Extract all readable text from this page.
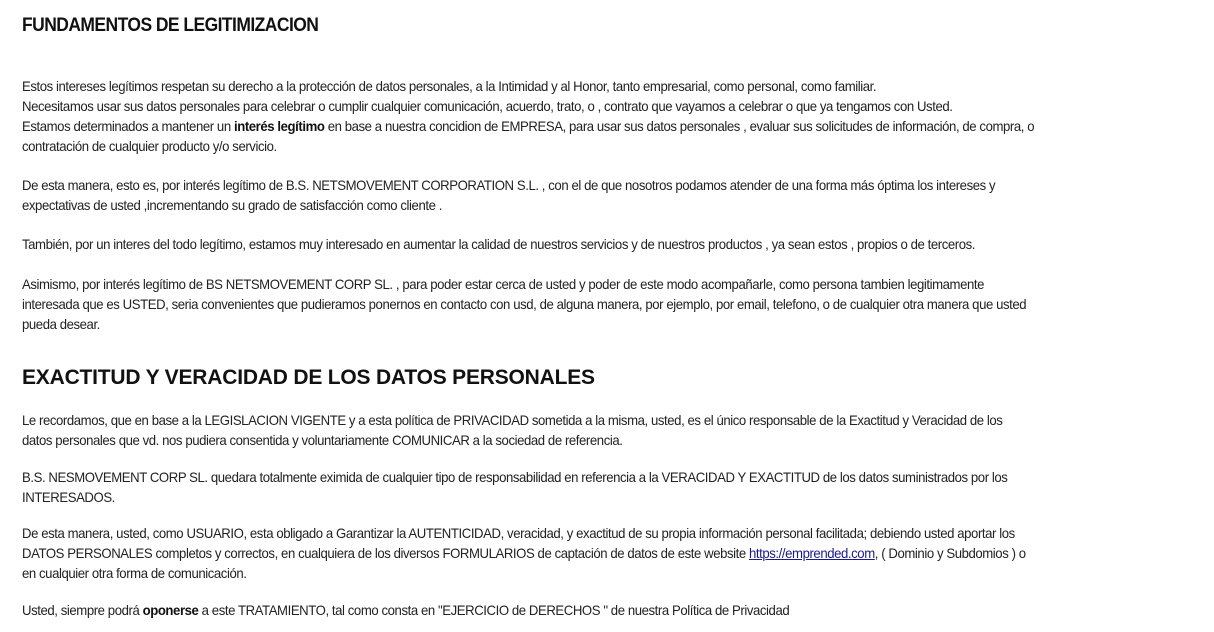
FUNDAMENTOS DE LEGITIMIZACION
Estos intereses legítimos respetan su derecho a la protección de datos personales, a la Intimidad y al Honor, tanto empresarial, como personal, como familiar.
Necesitamos usar sus datos personales para celebrar o cumplir cualquier comunicación, acuerdo, trato, o , contrato que vayamos a celebrar o que ya tengamos con Usted.
Estamos determinados a mantener un interés legítimo en base a nuestra concidion de EMPRESA, para usar sus datos personales , evaluar sus solicitudes de información, de compra, o
contratación de cualquier producto y/o servicio.
De esta manera, esto es, por interés legítimo de B.S. NETSMOVEMENT CORPORATION S.L. , con el de que nosotros podamos atender de una forma más óptima los intereses y
expectativas de usted ,incrementando su grado de satisfacción como cliente .
También, por un interes del todo legítimo, estamos muy interesado en aumentar la calidad de nuestros servicios y de nuestros productos , ya sean estos , propios o de terceros.
Asimismo, por interés legítimo de BS NETSMOVEMENT CORP SL. , para poder estar cerca de usted y poder de este modo acompañarle, como persona tambien legitimamente
interesada que es USTED, seria convenientes que pudieramos ponernos en contacto con usd, de alguna manera, por ejemplo, por email, telefono, o de cualquier otra manera que usted
pueda desear.
EXACTITUD Y VERACIDAD DE LOS DATOS PERSONALES
Le recordamos, que en base a la LEGISLACION VIGENTE y a esta política de PRIVACIDAD sometida a la misma, usted, es el único responsable de la Exactitud y Veracidad de los
datos personales que vd. nos pudiera consentida y voluntariamente COMUNICAR a la sociedad de referencia.
B.S. NESMOVEMENT CORP SL. quedara totalmente eximida de cualquier tipo de responsabilidad en referencia a la VERACIDAD Y EXACTITUD de los datos suministrados por los
INTERESADOS.
De esta manera, usted, como USUARIO, esta obligado a Garantizar la AUTENTICIDAD, veracidad, y exactitud de su propia información personal facilitada; debiendo usted aportar los
DATOS PERSONALES completos y correctos, en cualquiera de los diversos FORMULARIOS de captación de datos de este website https://emprended.com, ( Dominio y Subdomios ) o
en cualquier otra forma de comunicación.
Usted, siempre podrá oponerse a este TRATAMIENTO, tal como consta en "EJERCICIO de DERECHOS " de nuestra Política de Privacidad
